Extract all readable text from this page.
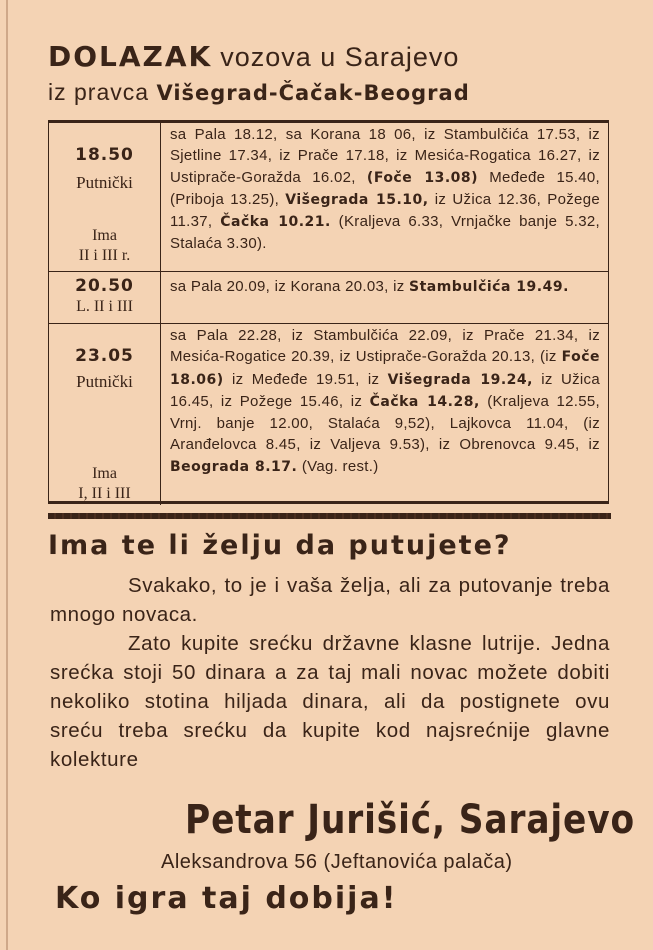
DOLAZAK vozova u Sarajevo
iz pravca Višegrad-Čačak-Beograd
18.50
Putnički
Ima
II i III r.
sa Pala 18.12, sa Korana 18 06, iz Stambulčića 17.53, iz Sjetline 17.34, iz Prače 17.18, iz Mesića-Rogatica 16.27, iz Ustiprače-Goražda 16.02, (Foče 13.08) Međeđe 15.40, (Priboja 13.25), Višegrada 15.10, iz Užica 12.36, Požege 11.37, Čačka 10.21. (Kraljeva 6.33, Vrnjačke banje 5.32, Stalaća 3.30).
20.50
L. II i III
sa Pala 20.09, iz Korana 20.03, iz Stambulčića 19.49.
23.05
Putnički
Ima
I, II i III
sa Pala 22.28, iz Stambulčića 22.09, iz Prače 21.34, iz Mesića-Rogatice 20.39, iz Ustiprače-Goražda 20.13, (iz Foče 18.06) iz Međeđe 19.51, iz Višegrada 19.24, iz Užica 16.45, iz Požege 15.46, iz Čačka 14.28, (Kraljeva 12.55, Vrnj. banje 12.00, Stalaća 9,52), Lajkovca 11.04, (iz Aranđelovca 8.45, iz Valjeva 9.53), iz Obrenovca 9.45, iz Beograda 8.17. (Vag. rest.)
Ima te li želju da putujete?

Svakako, to je i vaša želja, ali za putovanje treba mnogo novaca.

Zato kupite srećku državne klasne lutrije. Jedna srećka stoji 50 dinara a za taj mali novac možete dobiti nekoliko stotina hiljada dinara, ali da postignete ovu sreću treba srećku da kupite kod najsrećnije glavne kolekture

Petar Jurišić, Sarajevo
Aleksandrova 56 (Jeftanovića palača)
Ko igra taj dobija!
